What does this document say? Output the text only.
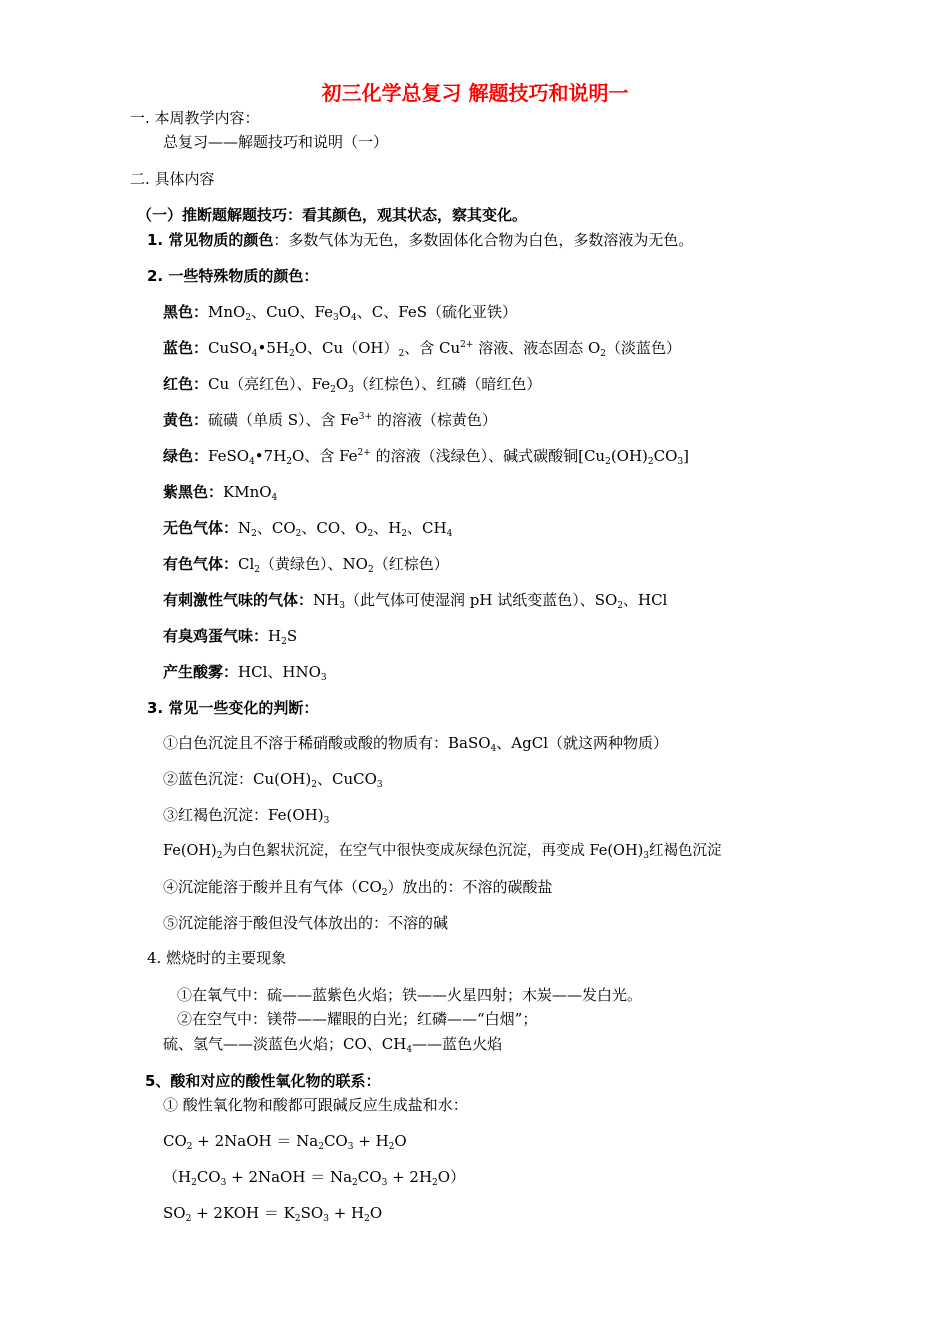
初三化学总复习 解题技巧和说明一
一. 本周教学内容：
总复习——解题技巧和说明（一）
二. 具体内容
（一）推断题解题技巧：看其颜色，观其状态，察其变化。
1. 常见物质的颜色：多数气体为无色，多数固体化合物为白色，多数溶液为无色。
2. 一些特殊物质的颜色：
黑色：MnO$_2$、CuO、$Fe_3O_4$、C、FeS（硫化亚铁）
蓝色：$CuSO_4•5H_2O$、$Cu(OH)_2$、含 $Cu^{2+}$ 溶液、液态固态 $O_2$（淡蓝色）
红色：Cu（亮红色）、$Fe_2O_3$（红棕色）、红磷（暗红色）
黄色：硫磺（单质 S）、含 $Fe^{3+}$ 的溶液（棕黄色）
绿色：$FeSO_4•7H_2O$、含 $Fe^{2+}$ 的溶液（浅绿色）、碱式碳酸铜$[Cu_2(OH)_2CO_3]$
紫黑色：KMnO$_4$
无色气体：$N_2$、$CO_2$、CO、$O_2$、$H_2$、$CH_4$
有色气体：$Cl_2$（黄绿色）、$NO_2$（红棕色）
有刺激性气味的气体：$NH_3$（此气体可使湿润 pH 试纸变蓝色）、$SO_2$、HCl
有臭鸡蛋气味：$H_2S$
产生酸雾：HCl、$HNO_3$
3. 常见一些变化的判断：
①白色沉淀且不溶于稀硝酸或酸的物质有：BaSO$_4$、AgCl（就这两种物质）
②蓝色沉淀：$Cu(OH)_2$、CuCO$_3$
③红褐色沉淀：$Fe(OH)_3$
$Fe(OH)_2$为白色絮状沉淀，在空气中很快变成灰绿色沉淀，再变成 $Fe(OH)_3$红褐色沉淀
④沉淀能溶于酸并且有气体$(CO_2)$放出的：不溶的碳酸盐
⑤沉淀能溶于酸但没气体放出的：不溶的碱
4. 燃烧时的主要现象
①在氧气中：硫——蓝紫色火焰；铁——火星四射；木炭——发白光。
②在空气中：镁带——耀眼的白光；红磷——“白烟”；
硫、氢气——淡蓝色火焰；CO、$CH_4——$蓝色火焰
5、酸和对应的酸性氧化物的联系：
① 酸性氧化物和酸都可跟碱反应生成盐和水：
$CO_2$ + 2NaOH ＝ $Na_2CO_3 + H_2O$
（$H_2CO_3$ + 2NaOH ＝ $Na_2CO_3 + 2H_2O$）
$SO_2 + 2KOH = K_2SO_3 + H_2O$
